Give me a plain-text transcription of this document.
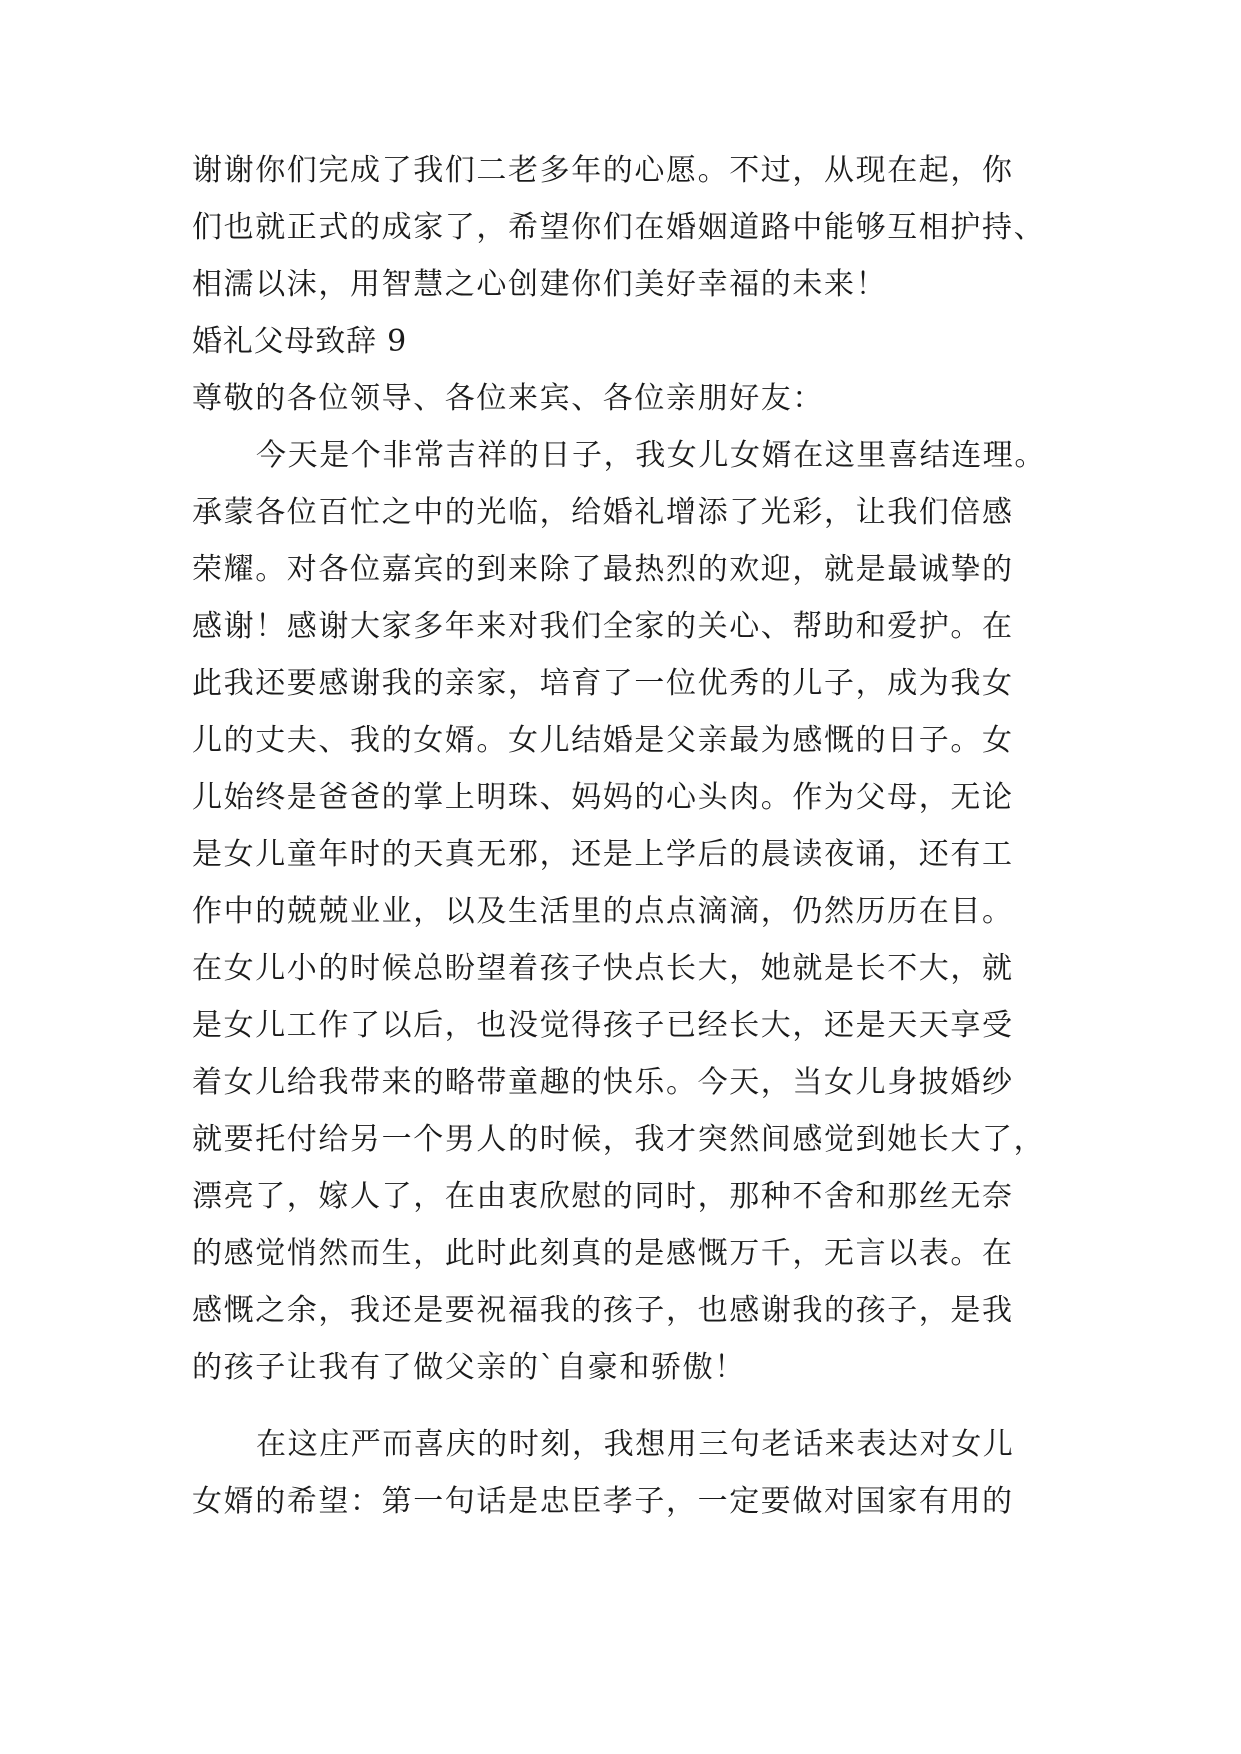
谢谢你们完成了我们二老多年的心愿。不过，从现在起，你
们也就正式的成家了，希望你们在婚姻道路中能够互相护持、
相濡以沫，用智慧之心创建你们美好幸福的未来！
婚礼父母致辞 9
尊敬的各位领导、各位来宾、各位亲朋好友：
今天是个非常吉祥的日子，我女儿女婿在这里喜结连理。
承蒙各位百忙之中的光临，给婚礼增添了光彩，让我们倍感
荣耀。对各位嘉宾的到来除了最热烈的欢迎，就是最诚挚的
感谢！感谢大家多年来对我们全家的关心、帮助和爱护。在
此我还要感谢我的亲家，培育了一位优秀的儿子，成为我女
儿的丈夫、我的女婿。女儿结婚是父亲最为感慨的日子。女
儿始终是爸爸的掌上明珠、妈妈的心头肉。作为父母，无论
是女儿童年时的天真无邪，还是上学后的晨读夜诵，还有工
作中的兢兢业业，以及生活里的点点滴滴，仍然历历在目。
在女儿小的时候总盼望着孩子快点长大，她就是长不大，就
是女儿工作了以后，也没觉得孩子已经长大，还是天天享受
着女儿给我带来的略带童趣的快乐。今天，当女儿身披婚纱
就要托付给另一个男人的时候，我才突然间感觉到她长大了，
漂亮了，嫁人了，在由衷欣慰的同时，那种不舍和那丝无奈
的感觉悄然而生，此时此刻真的是感慨万千，无言以表。在
感慨之余，我还是要祝福我的孩子，也感谢我的孩子，是我
的孩子让我有了做父亲的`自豪和骄傲！
在这庄严而喜庆的时刻，我想用三句老话来表达对女儿
女婿的希望：第一句话是忠臣孝子，一定要做对国家有用的
